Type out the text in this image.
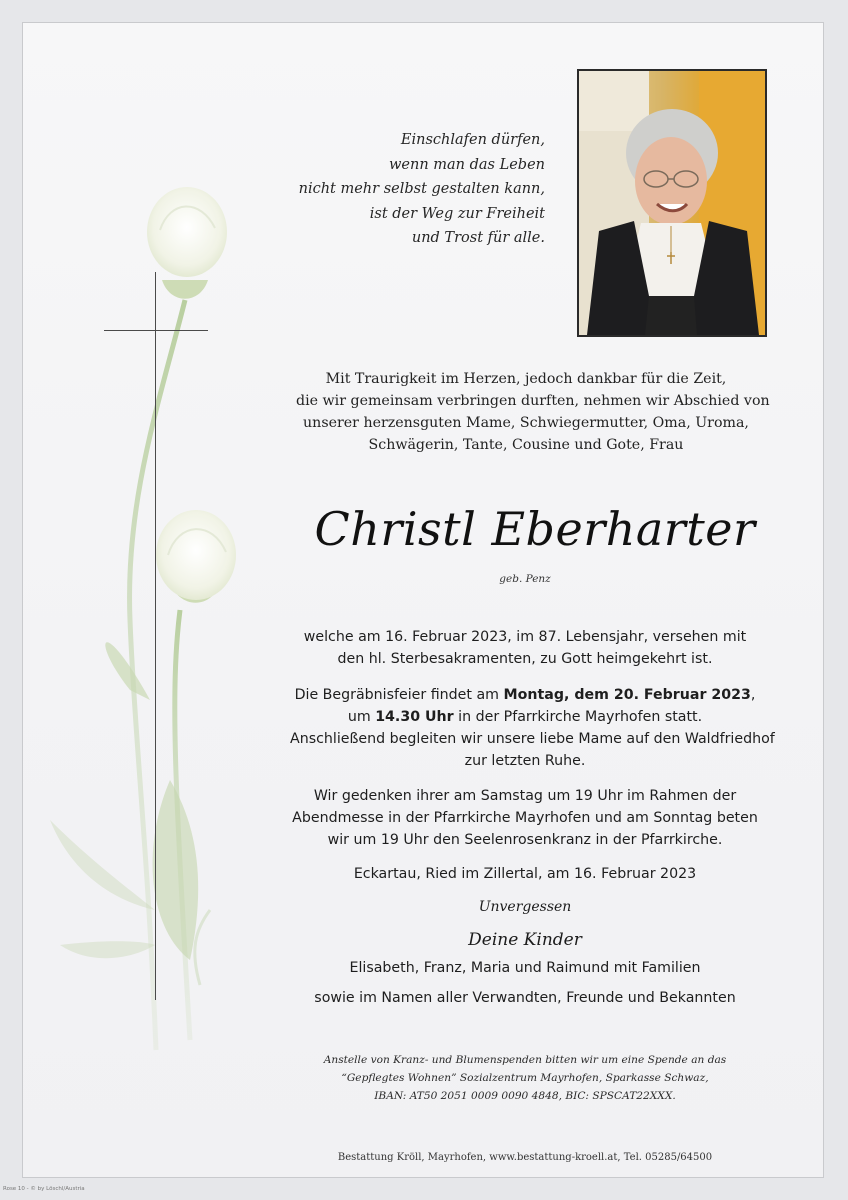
Einschlafen dürfen,
wenn man das Leben
nicht mehr selbst gestalten kann,
ist der Weg zur Freiheit
und Trost für alle.
Mit Traurigkeit im Herzen, jedoch dankbar für die Zeit,
die wir gemeinsam verbringen durften, nehmen wir Abschied von
unserer herzensguten Mame, Schwiegermutter, Oma, Uroma,
Schwägerin, Tante, Cousine und Gote, Frau
Christl Eberharter
geb. Penz
welche am 16. Februar 2023, im 87. Lebensjahr, versehen mit
den hl. Sterbesakramenten, zu Gott heimgekehrt ist.
Die Begräbnisfeier findet am Montag, dem 20. Februar 2023,
um 14.30 Uhr in der Pfarrkirche Mayrhofen statt.
Anschließend begleiten wir unsere liebe Mame auf den Waldfriedhof
zur letzten Ruhe.
Wir gedenken ihrer am Samstag um 19 Uhr im Rahmen der
Abendmesse in der Pfarrkirche Mayrhofen und am Sonntag beten
wir um 19 Uhr den Seelenrosenkranz in der Pfarrkirche.
Eckartau, Ried im Zillertal, am 16. Februar 2023
Unvergessen
Deine Kinder
Elisabeth, Franz, Maria und Raimund mit Familien
sowie im Namen aller Verwandten, Freunde und Bekannten
Anstelle von Kranz- und Blumenspenden bitten wir um eine Spende an das
“Gepflegtes Wohnen” Sozialzentrum Mayrhofen, Sparkasse Schwaz,
IBAN: AT50 2051 0009 0090 4848, BIC: SPSCAT22XXX.
Bestattung Kröll, Mayrhofen, www.bestattung-kroell.at, Tel. 05285/64500
Rose 10 - © by Löschl/Austria
